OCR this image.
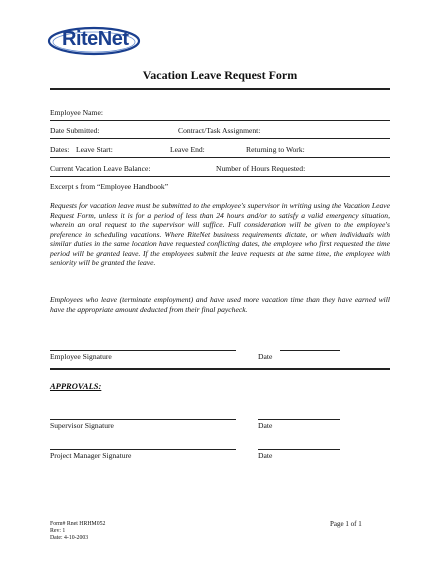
RiteNet
Vacation Leave Request Form
Employee Name:
Date Submitted:	Contract/Task Assignment:
Dates: Leave Start:	Leave End:	Returning to Work:
Current Vacation Leave Balance:	Number of Hours Requested:
Excerpt s from “Employee Handbook”
Requests for vacation leave must be submitted to the employee's supervisor in writing using the Vacation Leave Request Form, unless it is for a period of less than 24 hours and/or to satisfy a valid emergency situation, wherein an oral request to the supervisor will suffice. Full consideration will be given to the employee's preference in scheduling vacations. Where RiteNet business requirements dictate, or when individuals with similar duties in the same location have requested conflicting dates, the employee who first requested the time period will be granted leave. If the employees submit the leave requests at the same time, the employee with seniority will be granted the leave.
Employees who leave (terminate employment) and have used more vacation time than they have earned will have the appropriate amount deducted from their final paycheck.
Employee Signature	Date
APPROVALS:
Supervisor Signature	Date
Project Manager Signature	Date
Form# Rnet HRHM052
Rev: 1
Date: 4-10-2003
Page 1 of 1
